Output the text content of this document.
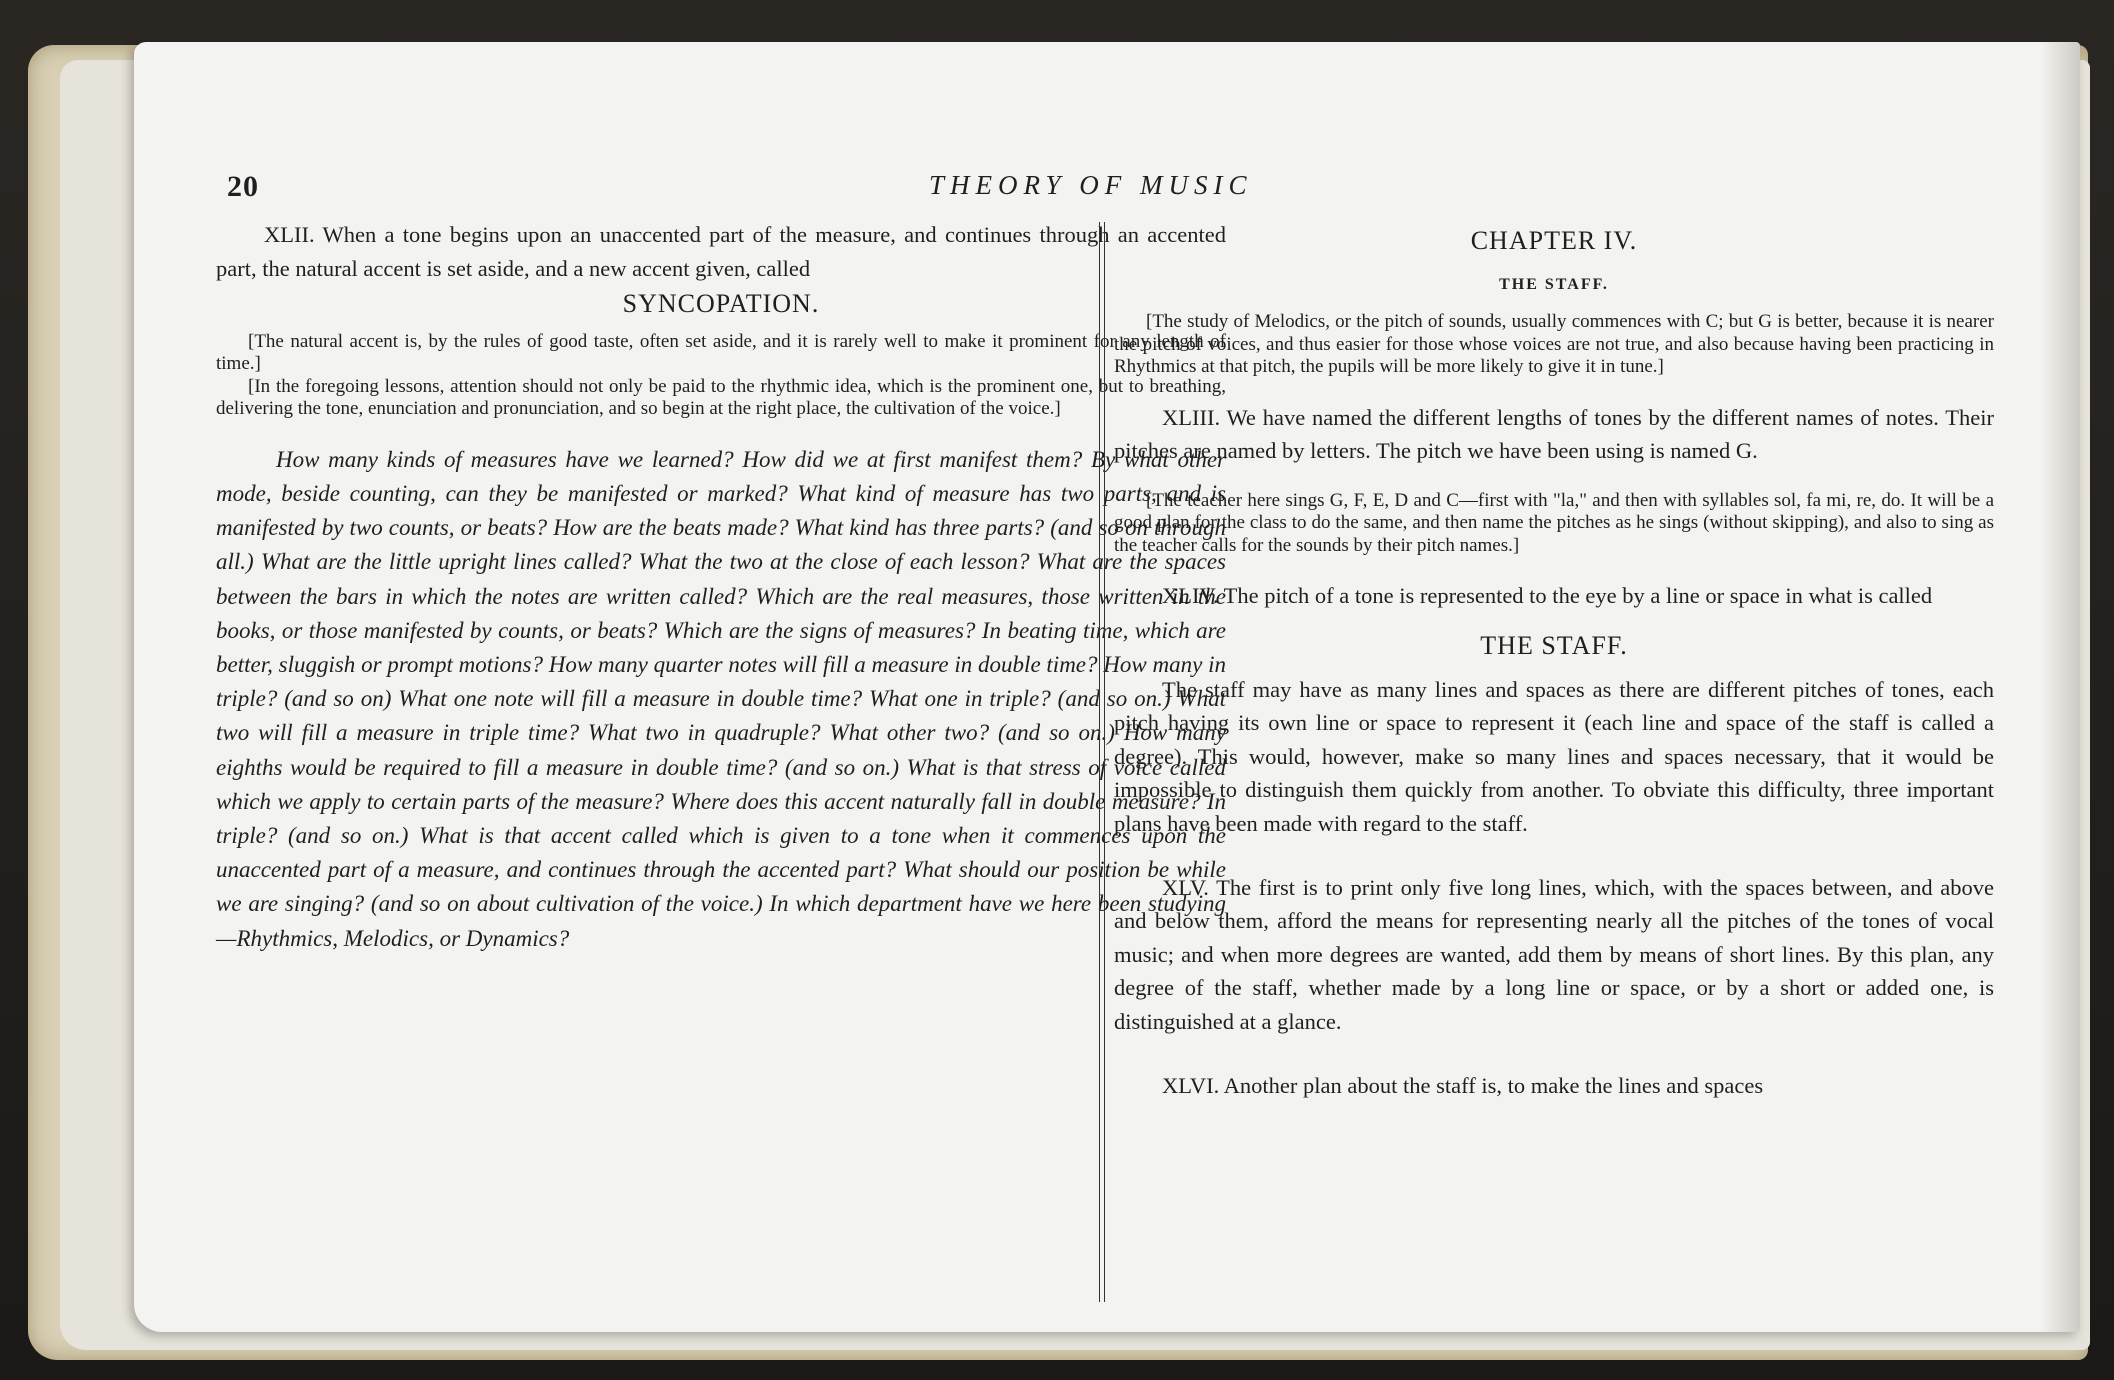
20	THEORY OF MUSIC

XLII. When a tone begins upon an unaccented part of the measure, and continues through an accented part, the natural accent is set aside, and a new accent given, called

SYNCOPATION.

[The natural accent is, by the rules of good taste, often set aside, and it is rarely well to make it prominent for any length of time.]

[In the foregoing lessons, attention should not only be paid to the rhythmic idea, which is the prominent one, but to breathing, delivering the tone, enunciation and pronunciation, and so begin at the right place, the cultivation of the voice.]

How many kinds of measures have we learned? How did we at first manifest them? By what other mode, beside counting, can they be manifested or marked? What kind of measure has two parts, and is manifested by two counts, or beats? How are the beats made? What kind has three parts? (and so on through all.) What are the little upright lines called? What the two at the close of each lesson? What are the spaces between the bars in which the notes are written called? Which are the real measures, those written in the books, or those manifested by counts, or beats? Which are the signs of measures? In beating time, which are better, sluggish or prompt motions? How many quarter notes will fill a measure in double time? How many in triple? (and so on) What one note will fill a measure in double time? What one in triple? (and so on.) What two will fill a measure in triple time? What two in quadruple? What other two? (and so on.) How many eighths would be required to fill a measure in double time? (and so on.) What is that stress of voice called which we apply to certain parts of the measure? Where does this accent naturally fall in double measure? In triple? (and so on.) What is that accent called which is given to a tone when it commences upon the unaccented part of a measure, and continues through the accented part? What should our position be while we are singing? (and so on about cultivation of the voice.) In which department have we here been studying—Rhythmics, Melodics, or Dynamics?

CHAPTER IV.

THE STAFF.

[The study of Melodics, or the pitch of sounds, usually commences with C; but G is better, because it is nearer the pitch of voices, and thus easier for those whose voices are not true, and also because having been practicing in Rhythmics at that pitch, the pupils will be more likely to give it in tune.]

XLIII. We have named the different lengths of tones by the different names of notes. Their pitches are named by letters. The pitch we have been using is named G.

[The teacher here sings G, F, E, D and C—first with "la," and then with syllables sol, fa mi, re, do. It will be a good plan for the class to do the same, and then name the pitches as he sings (without skipping), and also to sing as the teacher calls for the sounds by their pitch names.]

XLIV. The pitch of a tone is represented to the eye by a line or space in what is called

THE STAFF.

The staff may have as many lines and spaces as there are different pitches of tones, each pitch having its own line or space to represent it (each line and space of the staff is called a degree). This would, however, make so many lines and spaces necessary, that it would be impossible to distinguish them quickly from another. To obviate this difficulty, three important plans have been made with regard to the staff.

XLV. The first is to print only five long lines, which, with the spaces between, and above and below them, afford the means for representing nearly all the pitches of the tones of vocal music; and when more degrees are wanted, add them by means of short lines. By this plan, any degree of the staff, whether made by a long line or space, or by a short or added one, is distinguished at a glance.

XLVI. Another plan about the staff is, to make the lines and spaces
